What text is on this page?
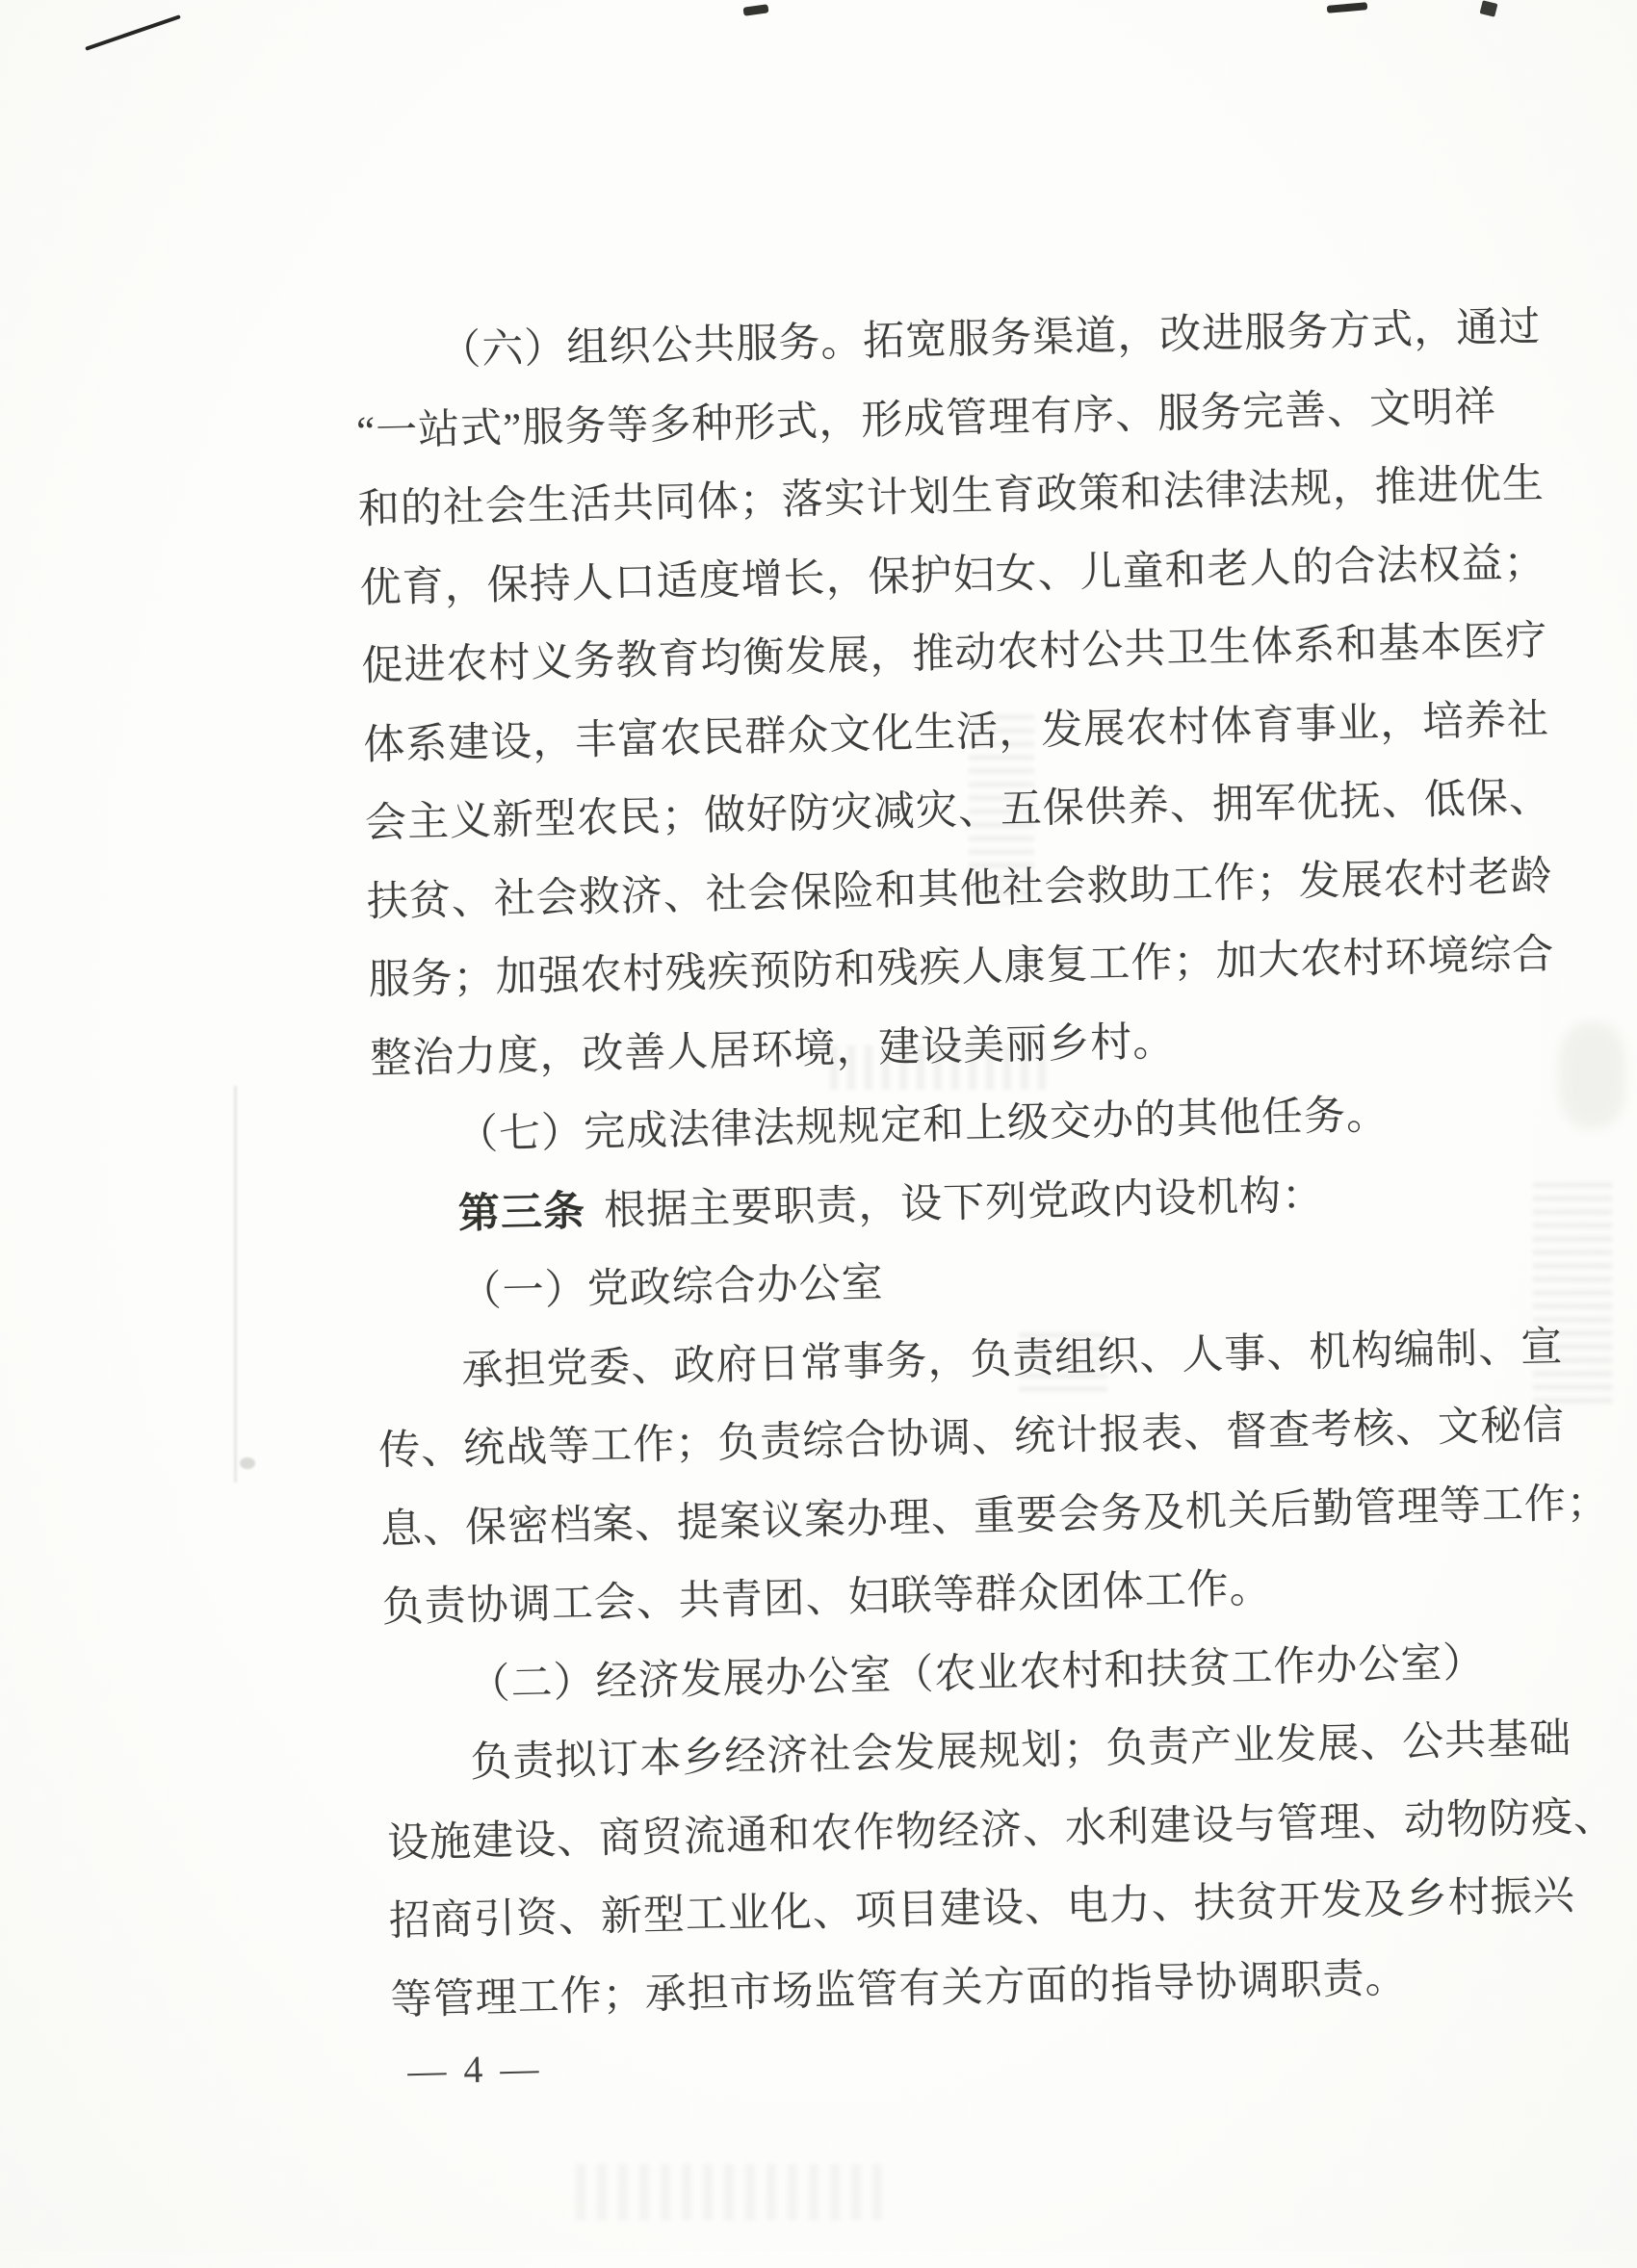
（六）组织公共服务。拓宽服务渠道，改进服务方式，通过
“一站式”服务等多种形式，形成管理有序、服务完善、文明祥
和的社会生活共同体；落实计划生育政策和法律法规，推进优生
优育，保持人口适度增长，保护妇女、儿童和老人的合法权益；
促进农村义务教育均衡发展，推动农村公共卫生体系和基本医疗
体系建设，丰富农民群众文化生活，发展农村体育事业，培养社
会主义新型农民；做好防灾减灾、五保供养、拥军优抚、低保、
扶贫、社会救济、社会保险和其他社会救助工作；发展农村老龄
服务；加强农村残疾预防和残疾人康复工作；加大农村环境综合
整治力度，改善人居环境，建设美丽乡村。
（七）完成法律法规规定和上级交办的其他任务。
第三条 根据主要职责，设下列党政内设机构：
（一）党政综合办公室
承担党委、政府日常事务，负责组织、人事、机构编制、宣
传、统战等工作；负责综合协调、统计报表、督查考核、文秘信
息、保密档案、提案议案办理、重要会务及机关后勤管理等工作；
负责协调工会、共青团、妇联等群众团体工作。
（二）经济发展办公室（农业农村和扶贫工作办公室）
负责拟订本乡经济社会发展规划；负责产业发展、公共基础
设施建设、商贸流通和农作物经济、水利建设与管理、动物防疫、
招商引资、新型工业化、项目建设、电力、扶贫开发及乡村振兴
等管理工作；承担市场监管有关方面的指导协调职责。
— 4 —
